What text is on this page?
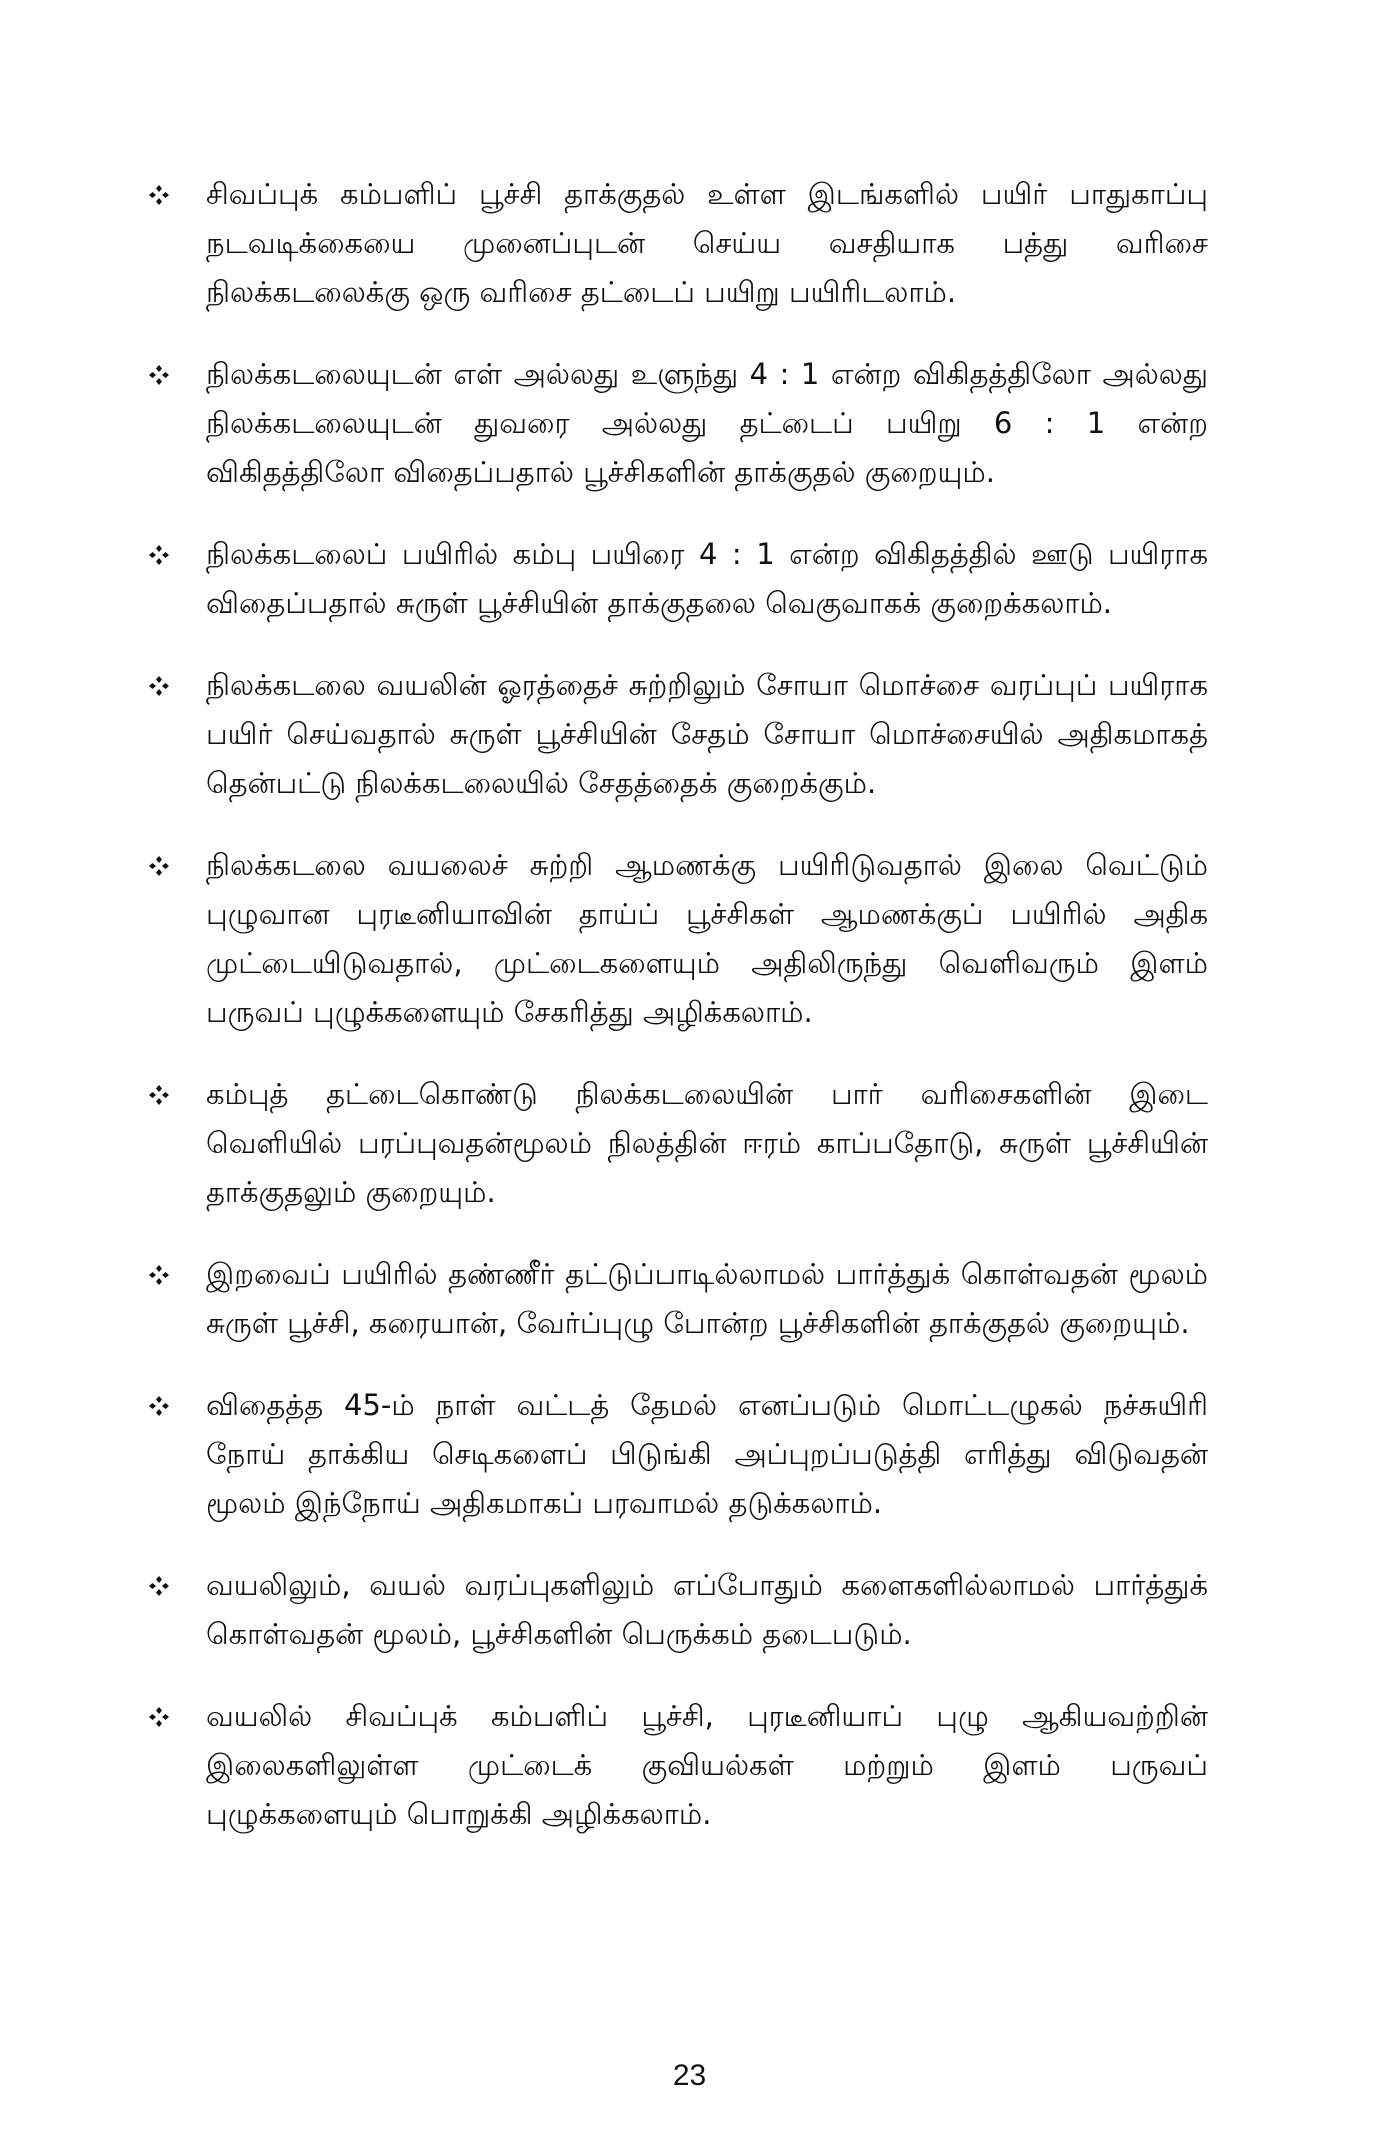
சிவப்புக் கம்பளிப் பூச்சி தாக்குதல் உள்ள இடங்களில் பயிர் பாதுகாப்பு நடவடிக்கையை முனைப்புடன் செய்ய வசதியாக பத்து வரிசை நிலக்கடலைக்கு ஒரு வரிசை தட்டைப் பயிறு பயிரிடலாம்.
நிலக்கடலையுடன் எள் அல்லது உளுந்து 4 : 1 என்ற விகிதத்திலோ அல்லது நிலக்கடலையுடன் துவரை அல்லது தட்டைப் பயிறு 6 : 1 என்ற விகிதத்திலோ விதைப்பதால் பூச்சிகளின் தாக்குதல் குறையும்.
நிலக்கடலைப் பயிரில் கம்பு பயிரை 4 : 1 என்ற விகிதத்தில் ஊடு பயிராக விதைப்பதால் சுருள் பூச்சியின் தாக்குதலை வெகுவாகக் குறைக்கலாம்.
நிலக்கடலை வயலின் ஓரத்தைச் சுற்றிலும் சோயா மொச்சை வரப்புப் பயிராக பயிர் செய்வதால் சுருள் பூச்சியின் சேதம் சோயா மொச்சையில் அதிகமாகத் தென்பட்டு நிலக்கடலையில் சேதத்தைக் குறைக்கும்.
நிலக்கடலை வயலைச் சுற்றி ஆமணக்கு பயிரிடுவதால் இலை வெட்டும் புழுவான புரடீனியாவின் தாய்ப் பூச்சிகள் ஆமணக்குப் பயிரில் அதிக முட்டையிடுவதால், முட்டைகளையும் அதிலிருந்து வெளிவரும் இளம் பருவப் புழுக்களையும் சேகரித்து அழிக்கலாம்.
கம்புத் தட்டைகொண்டு நிலக்கடலையின் பார் வரிசைகளின் இடை வெளியில் பரப்புவதன்மூலம் நிலத்தின் ஈரம் காப்பதோடு, சுருள் பூச்சியின் தாக்குதலும் குறையும்.
இறவைப் பயிரில் தண்ணீர் தட்டுப்பாடில்லாமல் பார்த்துக் கொள்வதன் மூலம் சுருள் பூச்சி, கரையான், வேர்ப்புழு போன்ற பூச்சிகளின் தாக்குதல் குறையும்.
விதைத்த 45-ம் நாள் வட்டத் தேமல் எனப்படும் மொட்டழுகல் நச்சுயிரி நோய் தாக்கிய செடிகளைப் பிடுங்கி அப்புறப்படுத்தி எரித்து விடுவதன் மூலம் இந்நோய் அதிகமாகப் பரவாமல் தடுக்கலாம்.
வயலிலும், வயல் வரப்புகளிலும் எப்போதும் களைகளில்லாமல் பார்த்துக் கொள்வதன் மூலம், பூச்சிகளின் பெருக்கம் தடைபடும்.
வயலில் சிவப்புக் கம்பளிப் பூச்சி, புரடீனியாப் புழு ஆகியவற்றின் இலைகளிலுள்ள முட்டைக் குவியல்கள் மற்றும் இளம் பருவப் புழுக்களையும் பொறுக்கி அழிக்கலாம்.
23
